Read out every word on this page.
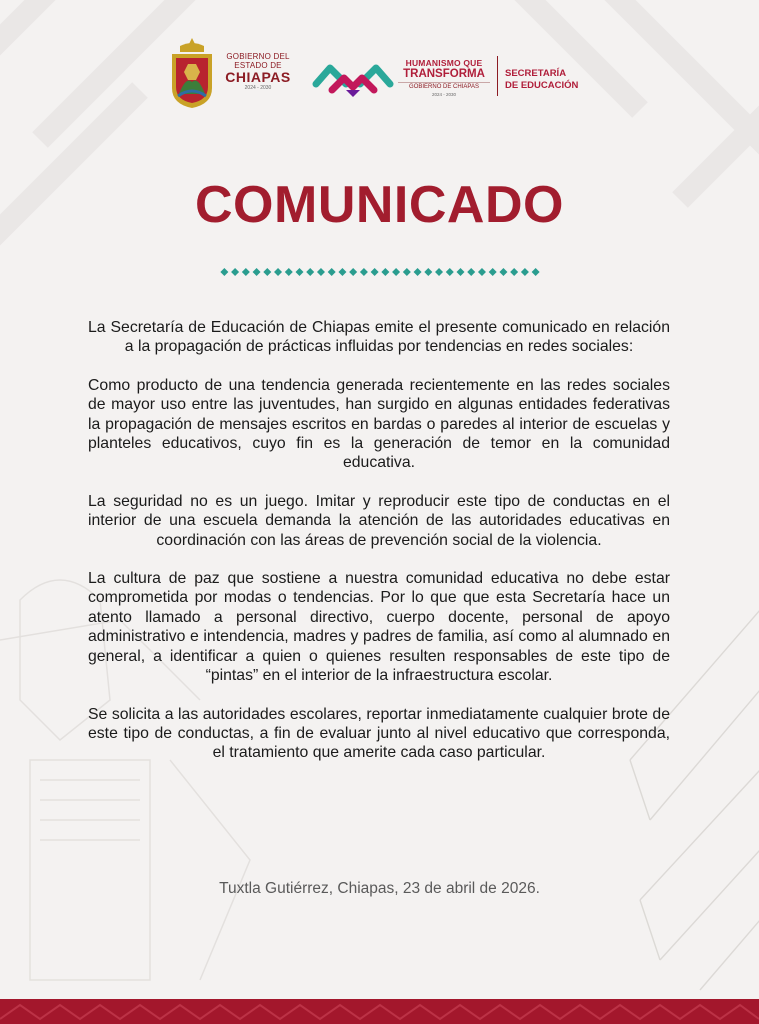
GOBIERNO DEL
ESTADO DE
CHIAPAS
2024 - 2030
HUMANISMO QUE
TRANSFORMA
GOBIERNO DE CHIAPAS
2024 - 2030
SECRETARÍA
DE EDUCACIÓN
COMUNICADO

La Secretaría de Educación de Chiapas emite el presente comunicado en relación a la propagación de prácticas influidas por tendencias en redes sociales:

Como producto de una tendencia generada recientemente en las redes sociales de mayor uso entre las juventudes, han surgido en algunas entidades federativas la propagación de mensajes escritos en bardas o paredes al interior de escuelas y planteles educativos, cuyo fin es la generación de temor en la comunidad educativa.

La seguridad no es un juego. Imitar y reproducir este tipo de conductas en el interior de una escuela demanda la atención de las autoridades educativas en coordinación con las áreas de prevención social de la violencia.

La cultura de paz que sostiene a nuestra comunidad educativa no debe estar comprometida por modas o tendencias. Por lo que que esta Secretaría hace un atento llamado a personal directivo, cuerpo docente, personal de apoyo administrativo e intendencia, madres y padres de familia, así como al alumnado en general, a identificar a quien o quienes resulten responsables de este tipo de “pintas” en el interior de la infraestructura escolar.

Se solicita a las autoridades escolares, reportar inmediatamente cualquier brote de este tipo de conductas, a fin de evaluar junto al nivel educativo que corresponda, el tratamiento que amerite cada caso particular.

Tuxtla Gutiérrez, Chiapas, 23 de abril de 2026.
